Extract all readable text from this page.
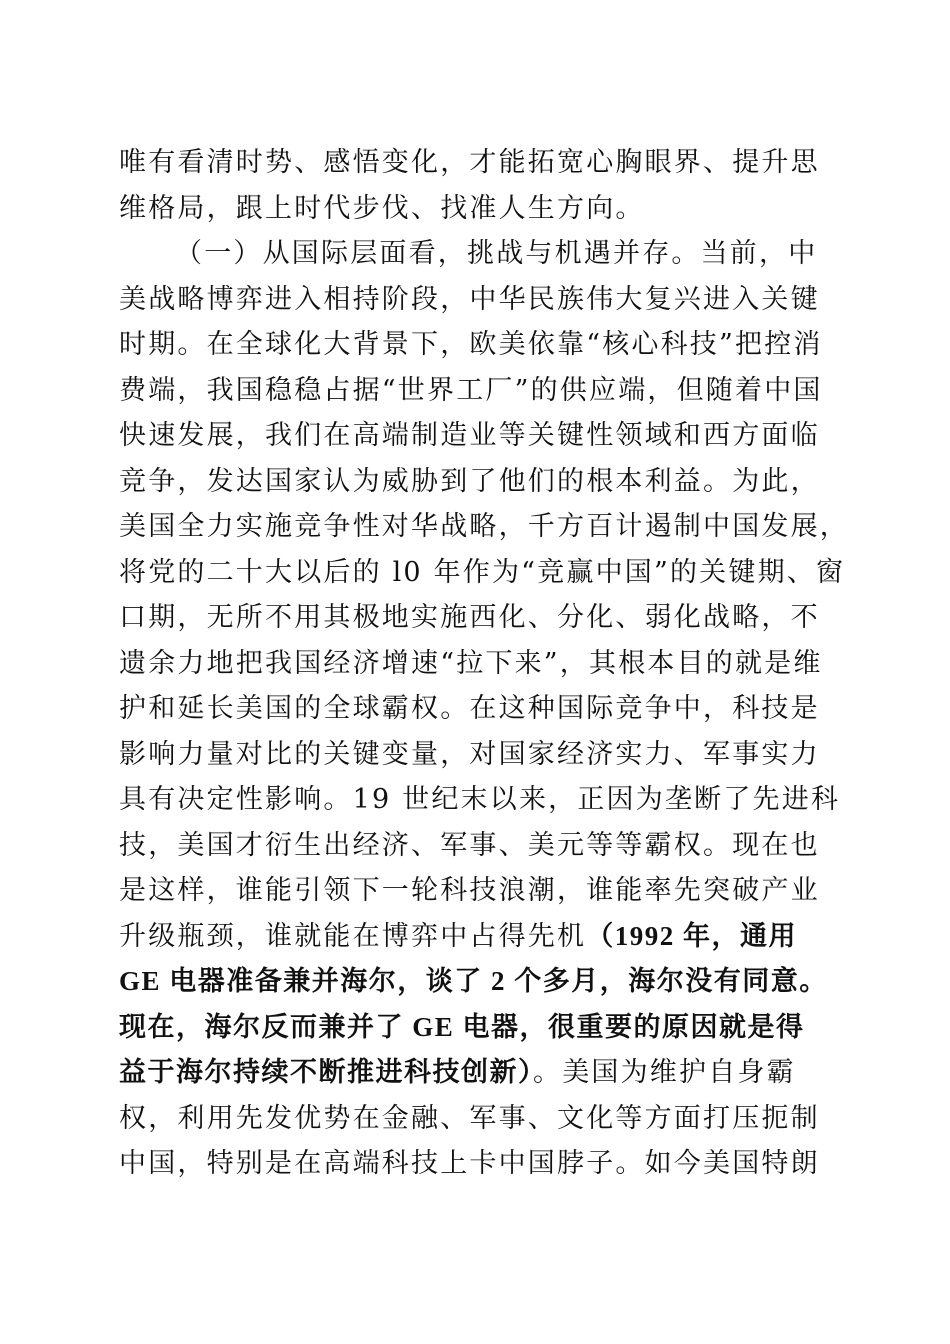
唯有看清时势、感悟变化，才能拓宽心胸眼界、提升思
维格局，跟上时代步伐、找准人生方向。
（一）从国际层面看，挑战与机遇并存。当前，中
美战略博弈进入相持阶段，中华民族伟大复兴进入关键
时期。在全球化大背景下，欧美依靠“核心科技”把控消
费端，我国稳稳占据“世界工厂”的供应端，但随着中国
快速发展，我们在高端制造业等关键性领域和西方面临
竞争，发达国家认为威胁到了他们的根本利益。为此，
美国全力实施竞争性对华战略，千方百计遏制中国发展，
将党的二十大以后的 l0 年作为“竞赢中国”的关键期、窗
口期，无所不用其极地实施西化、分化、弱化战略，不
遗余力地把我国经济增速“拉下来”，其根本目的就是维
护和延长美国的全球霸权。在这种国际竞争中，科技是
影响力量对比的关键变量，对国家经济实力、军事实力
具有决定性影响。19 世纪末以来，正因为垄断了先进科
技，美国才衍生出经济、军事、美元等等霸权。现在也
是这样，谁能引领下一轮科技浪潮，谁能率先突破产业
升级瓶颈，谁就能在博弈中占得先机（1992 年，通用
GE 电器准备兼并海尔，谈了 2 个多月，海尔没有同意。
现在，海尔反而兼并了 GE 电器，很重要的原因就是得
益于海尔持续不断推进科技创新）。美国为维护自身霸
权，利用先发优势在金融、军事、文化等方面打压扼制
中国，特别是在高端科技上卡中国脖子。如今美国特朗
